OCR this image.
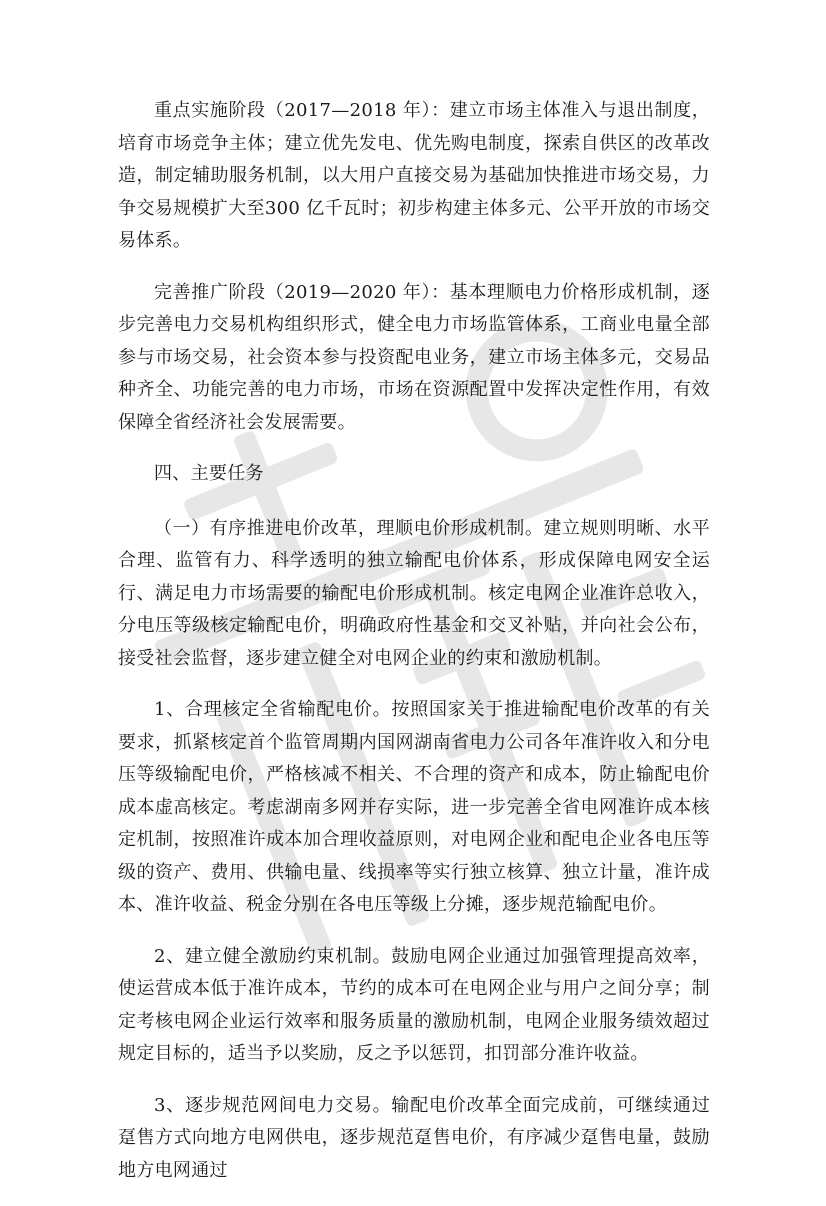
重点实施阶段（2017—2018 年）：建立市场主体准入与退出制度，培育市场竞争主体；建立优先发电、优先购电制度，探索自供区的改革改造，制定辅助服务机制，以大用户直接交易为基础加快推进市场交易，力争交易规模扩大至300 亿千瓦时；初步构建主体多元、公平开放的市场交易体系。

完善推广阶段（2019—2020 年）：基本理顺电力价格形成机制，逐步完善电力交易机构组织形式，健全电力市场监管体系，工商业电量全部参与市场交易，社会资本参与投资配电业务，建立市场主体多元，交易品种齐全、功能完善的电力市场，市场在资源配置中发挥决定性作用，有效保障全省经济社会发展需要。

四、主要任务

（一）有序推进电价改革，理顺电价形成机制。建立规则明晰、水平合理、监管有力、科学透明的独立输配电价体系，形成保障电网安全运行、满足电力市场需要的输配电价形成机制。核定电网企业准许总收入，分电压等级核定输配电价，明确政府性基金和交叉补贴，并向社会公布，接受社会监督，逐步建立健全对电网企业的约束和激励机制。

1、合理核定全省输配电价。按照国家关于推进输配电价改革的有关要求，抓紧核定首个监管周期内国网湖南省电力公司各年准许收入和分电压等级输配电价，严格核减不相关、不合理的资产和成本，防止输配电价成本虚高核定。考虑湖南多网并存实际，进一步完善全省电网准许成本核定机制，按照准许成本加合理收益原则，对电网企业和配电企业各电压等级的资产、费用、供输电量、线损率等实行独立核算、独立计量，准许成本、准许收益、税金分别在各电压等级上分摊，逐步规范输配电价。

2、建立健全激励约束机制。鼓励电网企业通过加强管理提高效率，使运营成本低于准许成本，节约的成本可在电网企业与用户之间分享；制定考核电网企业运行效率和服务质量的激励机制，电网企业服务绩效超过规定目标的，适当予以奖励，反之予以惩罚，扣罚部分准许收益。

3、逐步规范网间电力交易。输配电价改革全面完成前，可继续通过趸售方式向地方电网供电，逐步规范趸售电价，有序减少趸售电量，鼓励地方电网通过
